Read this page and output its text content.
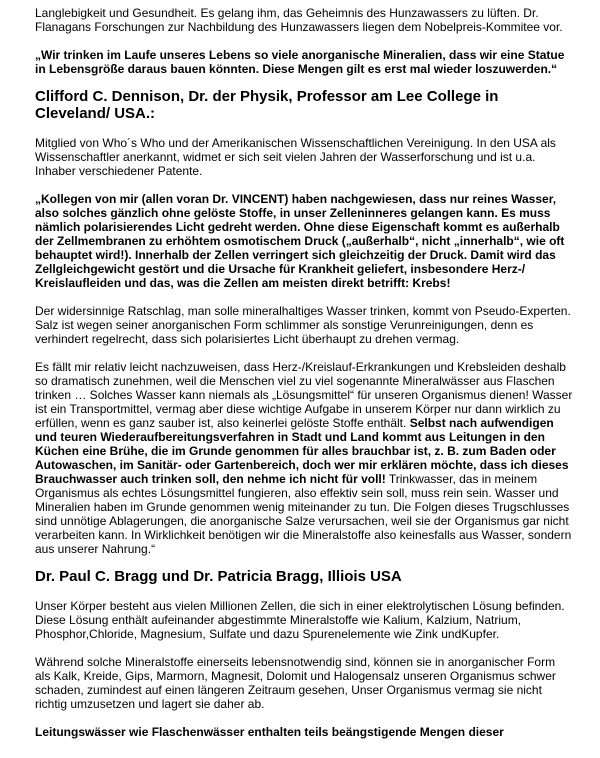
Langlebigkeit und Gesundheit. Es gelang ihm, das Geheimnis des Hunzawassers zu lüften. Dr. Flanagans Forschungen zur Nachbildung des Hunzawassers liegen dem Nobelpreis-Kommitee vor.

„Wir trinken im Laufe unseres Lebens so viele anorganische Mineralien, dass wir eine Statue in Lebensgröße daraus bauen könnten. Diese Mengen gilt es erst mal wieder loszuwerden.“

Clifford C. Dennison, Dr. der Physik, Professor am Lee College in Cleveland/ USA.:

Mitglied von Who´s Who und der Amerikanischen Wissenschaftlichen Vereinigung. In den USA als Wissenschaftler anerkannt, widmet er sich seit vielen Jahren der Wasserforschung und ist u.a. Inhaber verschiedener Patente.

„Kollegen von mir (allen voran Dr. VINCENT) haben nachgewiesen, dass nur reines Wasser, also solches gänzlich ohne gelöste Stoffe, in unser Zelleninneres gelangen kann. Es muss nämlich polarisierendes Licht gedreht werden. Ohne diese Eigenschaft kommt es außerhalb der Zellmembranen zu erhöhtem osmotischem Druck („außerhalb“, nicht „innerhalb“, wie oft behauptet wird!). Innerhalb der Zellen verringert sich gleichzeitig der Druck. Damit wird das Zellgleichgewicht gestört und die Ursache für Krankheit geliefert, insbesondere Herz-/ Kreislaufleiden und das, was die Zellen am meisten direkt betrifft: Krebs!

Der widersinnige Ratschlag, man solle mineralhaltiges Wasser trinken, kommt von Pseudo-Experten. Salz ist wegen seiner anorganischen Form schlimmer als sonstige Verunreinigungen, denn es verhindert regelrecht, dass sich polarisiertes Licht überhaupt zu drehen vermag.

Es fällt mir relativ leicht nachzuweisen, dass Herz-/Kreislauf-Erkrankungen und Krebsleiden deshalb so dramatisch zunehmen, weil die Menschen viel zu viel sogenannte Mineralwässer aus Flaschen trinken … Solches Wasser kann niemals als „Lösungsmittel“ für unseren Organismus dienen! Wasser ist ein Transportmittel, vermag aber diese wichtige Aufgabe in unserem Körper nur dann wirklich zu erfüllen, wenn es ganz sauber ist, also keinerlei gelöste Stoffe enthält. Selbst nach aufwendigen und teuren Wiederaufbereitungsverfahren in Stadt und Land kommt aus Leitungen in den Küchen eine Brühe, die im Grunde genommen für alles brauchbar ist, z. B. zum Baden oder Autowaschen, im Sanitär- oder Gartenbereich, doch wer mir erklären möchte, dass ich dieses Brauchwasser auch trinken soll, den nehme ich nicht für voll! Trinkwasser, das in meinem Organismus als echtes Lösungsmittel fungieren, also effektiv sein soll, muss rein sein. Wasser und Mineralien haben im Grunde genommen wenig miteinander zu tun. Die Folgen dieses Trugschlusses sind unnötige Ablagerungen, die anorganische Salze verursachen, weil sie der Organismus gar nicht verarbeiten kann. In Wirklichkeit benötigen wir die Mineralstoffe also keinesfalls aus Wasser, sondern aus unserer Nahrung.“

Dr. Paul C. Bragg und Dr. Patricia Bragg, Illiois USA

Unser Körper besteht aus vielen Millionen Zellen, die sich in einer elektrolytischen Lösung befinden. Diese Lösung enthält aufeinander abgestimmte Mineralstoffe wie Kalium, Kalzium, Natrium, Phosphor,Chloride, Magnesium, Sulfate und dazu Spurenelemente wie Zink undKupfer.

Während solche Mineralstoffe einerseits lebensnotwendig sind, können sie in anorganischer Form als Kalk, Kreide, Gips, Marmorn, Magnesit, Dolomit und Halogensalz unseren Organismus schwer schaden, zumindest auf einen längeren Zeitraum gesehen, Unser Organismus vermag sie nicht richtig umzusetzen und lagert sie daher ab.

Leitungswässer wie Flaschenwässer enthalten teils beängstigende Mengen dieser
